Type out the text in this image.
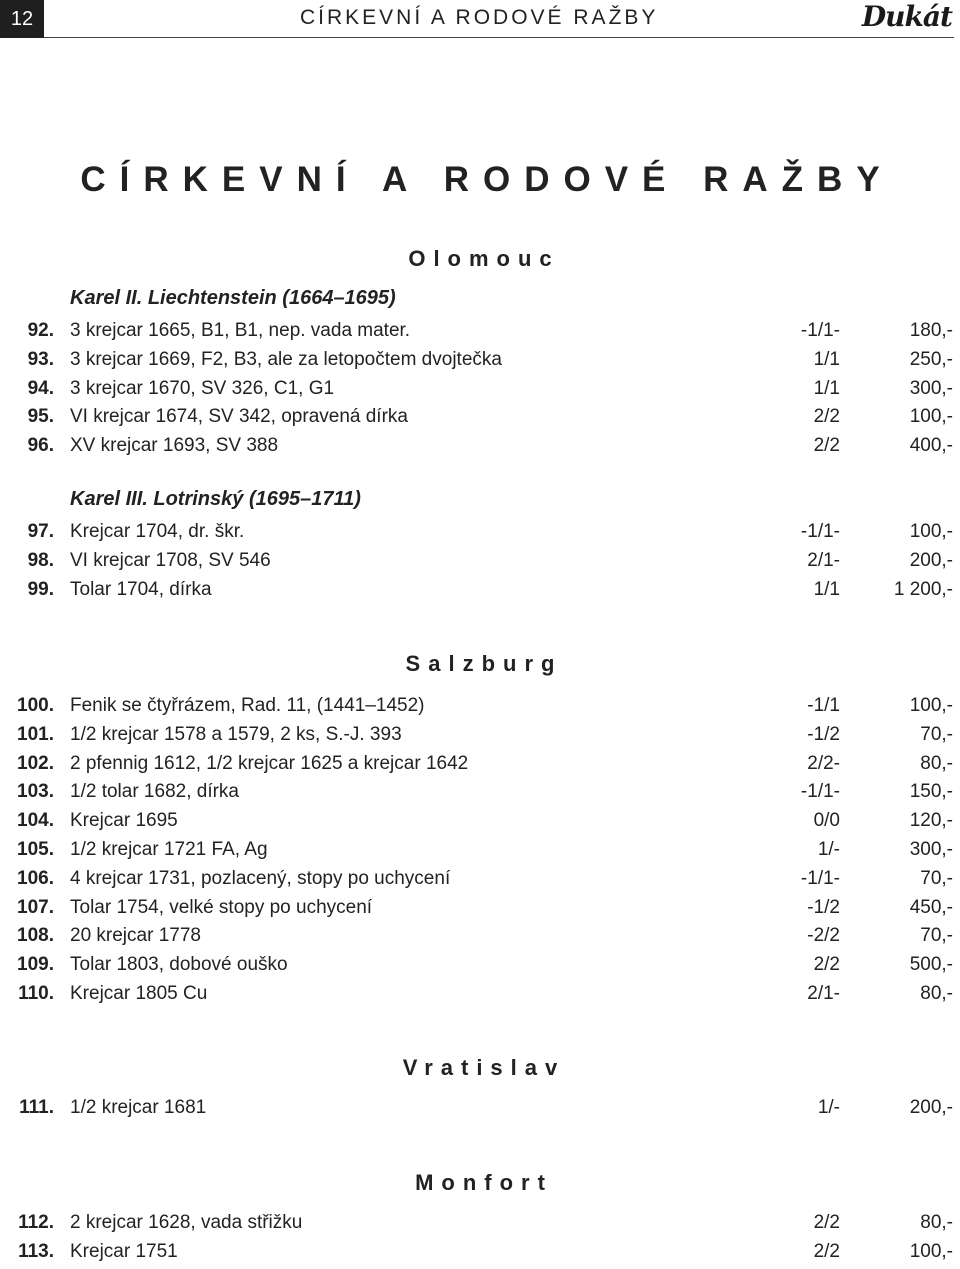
12	CÍRKEVNÍ A RODOVÉ RAŽBY	Dukát
CÍRKEVNÍ A RODOVÉ RAŽBY
Olomouc
Karel II. Liechtenstein (1664–1695)
92. 3 krejcar 1665, B1, B1, nep. vada mater.	-1/1-	180,-
93. 3 krejcar 1669, F2, B3, ale za letopočtem dvojtečka	1/1	250,-
94. 3 krejcar 1670, SV 326, C1, G1	1/1	300,-
95. VI krejcar 1674, SV 342, opravená dírka	2/2	100,-
96. XV krejcar 1693, SV 388	2/2	400,-
Karel III. Lotrinský (1695–1711)
97. Krejcar 1704, dr. škr.	-1/1-	100,-
98. VI krejcar 1708, SV 546	2/1-	200,-
99. Tolar 1704, dírka	1/1	1 200,-
Salzburg
100. Fenik se čtyřrázem, Rad. 11, (1441–1452)	-1/1	100,-
101. 1/2 krejcar 1578 a 1579, 2 ks, S.-J. 393	-1/2	70,-
102. 2 pfennig 1612, 1/2 krejcar 1625 a krejcar 1642	2/2-	80,-
103. 1/2 tolar 1682, dírka	-1/1-	150,-
104. Krejcar 1695	0/0	120,-
105. 1/2 krejcar 1721 FA, Ag	1/-	300,-
106. 4 krejcar 1731, pozlacený, stopy po uchycení	-1/1-	70,-
107. Tolar 1754, velké stopy po uchycení	-1/2	450,-
108. 20 krejcar 1778	-2/2	70,-
109. Tolar 1803, dobové ouško	2/2	500,-
110. Krejcar 1805 Cu	2/1-	80,-
Vratislav
111. 1/2 krejcar 1681	1/-	200,-
Monfort
112. 2 krejcar 1628, vada střižku	2/2	80,-
113. Krejcar 1751	2/2	100,-
